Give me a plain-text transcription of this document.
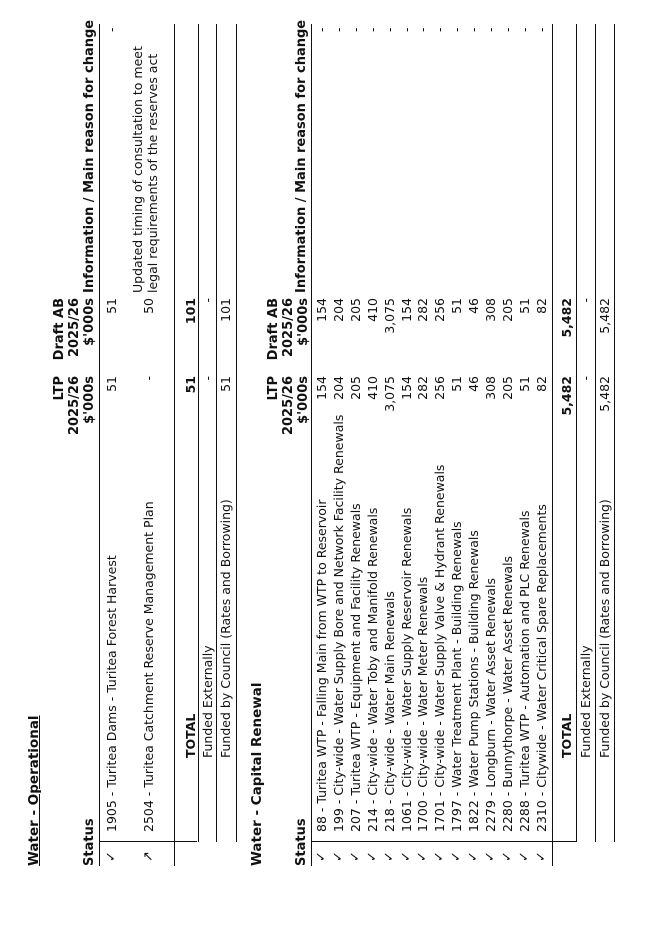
Water - Operational	Status
LTP 2025/26 $'000s
Draft AB 2025/26 $'000s
Information / Main reason for change
✓
1905 - Turitea Dams - Turitea Forest Harvest
51
51
-
↗
2504 - Turitea Catchment Reserve Management Plan
-
50
Updated timing of consultation to meet legal requirements of the reserves act
TOTAL
51
101
Funded Externally
-
-
Funded by Council (Rates and Borrowing)
51
101
Water - Capital Renewal Status
LTP 2025/26 $'000s
Draft AB 2025/26 $'000s
Information / Main reason for change
✓
88 - Turitea WTP - Falling Main from WTP to Reservoir
154
154
-
✓
199 - City-wide - Water Supply Bore and Network Facility Renewals
204
204
-
✓
207 - Turitea WTP - Equipment and Facility Renewals
205
205
-
✓
214 - City-wide - Water Toby and Manifold Renewals
410
410
-
✓
218 - City-wide - Water Main Renewals
3,075
3,075
-
✓
1061 - City-wide - Water Supply Reservoir Renewals
154
154
-
✓
1700 - City-wide - Water Meter Renewals
282
282
-
✓
1701 - City-wide - Water Supply Valve & Hydrant Renewals
256
256
-
✓
1797 - Water Treatment Plant - Building Renewals
51
51
-
✓
1822 - Water Pump Stations - Building Renewals
46
46
-
✓
2279 - Longburn - Water Asset Renewals
308
308
-
✓
2280 - Bunnythorpe - Water Asset Renewals
205
205
-
✓
2288 - Turitea WTP - Automation and PLC Renewals
51
51
-
✓
2310 - Citywide - Water Critical Spare Replacements
82
82
-
TOTAL
5,482
5,482
Funded Externally
-
-
Funded by Council (Rates and Borrowing)
5,482
5,482
